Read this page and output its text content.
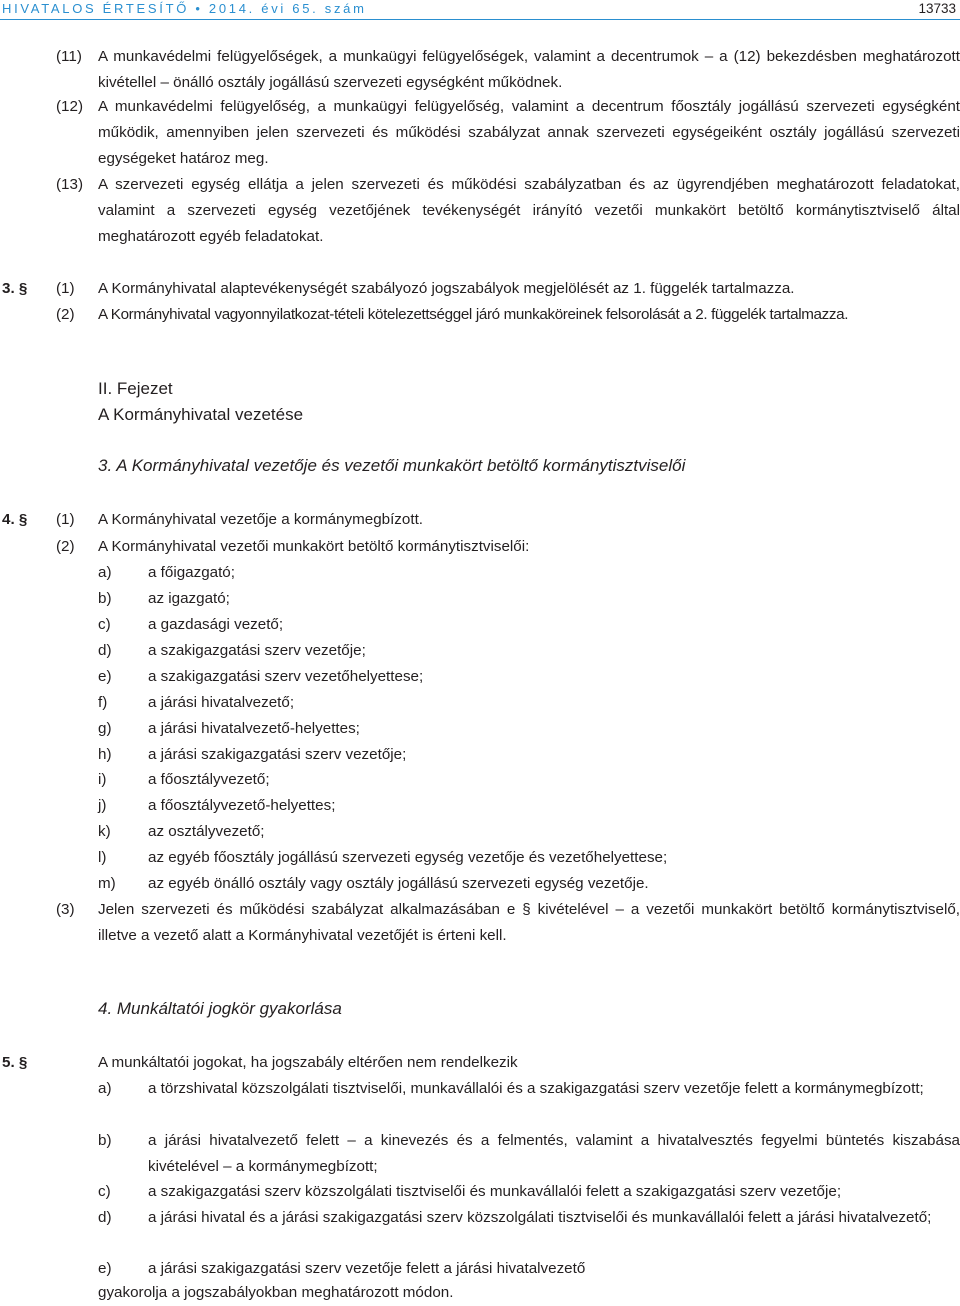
HIVATALOS ÉRTESÍTŐ • 2014. évi 65. szám	13733
(11)	A munkavédelmi felügyelőségek, a munkaügyi felügyelőségek, valamint a decentrumok – a (12) bekezdésben meghatározott kivétellel – önálló osztály jogállású szervezeti egységként működnek.
(12) A munkavédelmi felügyelőség, a munkaügyi felügyelőség, valamint a decentrum főosztály jogállású szervezeti egységként működik, amennyiben jelen szervezeti és működési szabályzat annak szervezeti egységeiként osztály jogállású szervezeti egységeket határoz meg.
(13) A szervezeti egység ellátja a jelen szervezeti és működési szabályzatban és az ügyrendjében meghatározott feladatokat, valamint a szervezeti egység vezetőjének tevékenységét irányító vezetői munkakört betöltő kormánytisztviselő által meghatározott egyéb feladatokat.
3. § (1)	A Kormányhivatal alaptevékenységét szabályozó jogszabályok megjelölését az 1. függelék tartalmazza.
(2)	A Kormányhivatal vagyonnyilatkozat-tételi kötelezettséggel járó munkaköreinek felsorolását a 2. függelék tartalmazza.
II. Fejezet
A Kormányhivatal vezetése
3. A Kormányhivatal vezetője és vezetői munkakört betöltő kormánytisztviselői
4. § (1)	A Kormányhivatal vezetője a kormánymegbízott.
(2)	A Kormányhivatal vezetői munkakört betöltő kormánytisztviselői:
a)	a főigazgató;
b)	az igazgató;
c)	a gazdasági vezető;
d)	a szakigazgatási szerv vezetője;
e)	a szakigazgatási szerv vezetőhelyettese;
f)	a járási hivatalvezető;
g)	a járási hivatalvezető-helyettes;
h)	a járási szakigazgatási szerv vezetője;
i)	a főosztályvezető;
j)	a főosztályvezető-helyettes;
k)	az osztályvezető;
l)	az egyéb főosztály jogállású szervezeti egység vezetője és vezetőhelyettese;
m)	az egyéb önálló osztály vagy osztály jogállású szervezeti egység vezetője.
(3)	Jelen szervezeti és működési szabályzat alkalmazásában e § kivételével – a vezetői munkakört betöltő kormánytisztviselő, illetve a vezető alatt a Kormányhivatal vezetőjét is érteni kell.
4. Munkáltatói jogkör gyakorlása
5. §	A munkáltatói jogokat, ha jogszabály eltérően nem rendelkezik
a)	a törzshivatal közszolgálati tisztviselői, munkavállalói és a szakigazgatási szerv vezetője felett a kormánymegbízott;
b)	a járási hivatalvezető felett – a kinevezés és a felmentés, valamint a hivatalvesztés fegyelmi büntetés kiszabása kivételével – a kormánymegbízott;
c)	a szakigazgatási szerv közszolgálati tisztviselői és munkavállalói felett a szakigazgatási szerv vezetője;
d)	a járási hivatal és a járási szakigazgatási szerv közszolgálati tisztviselői és munkavállalói felett a járási hivatalvezető;
e)	a járási szakigazgatási szerv vezetője felett a járási hivatalvezető
gyakorolja a jogszabályokban meghatározott módon.
